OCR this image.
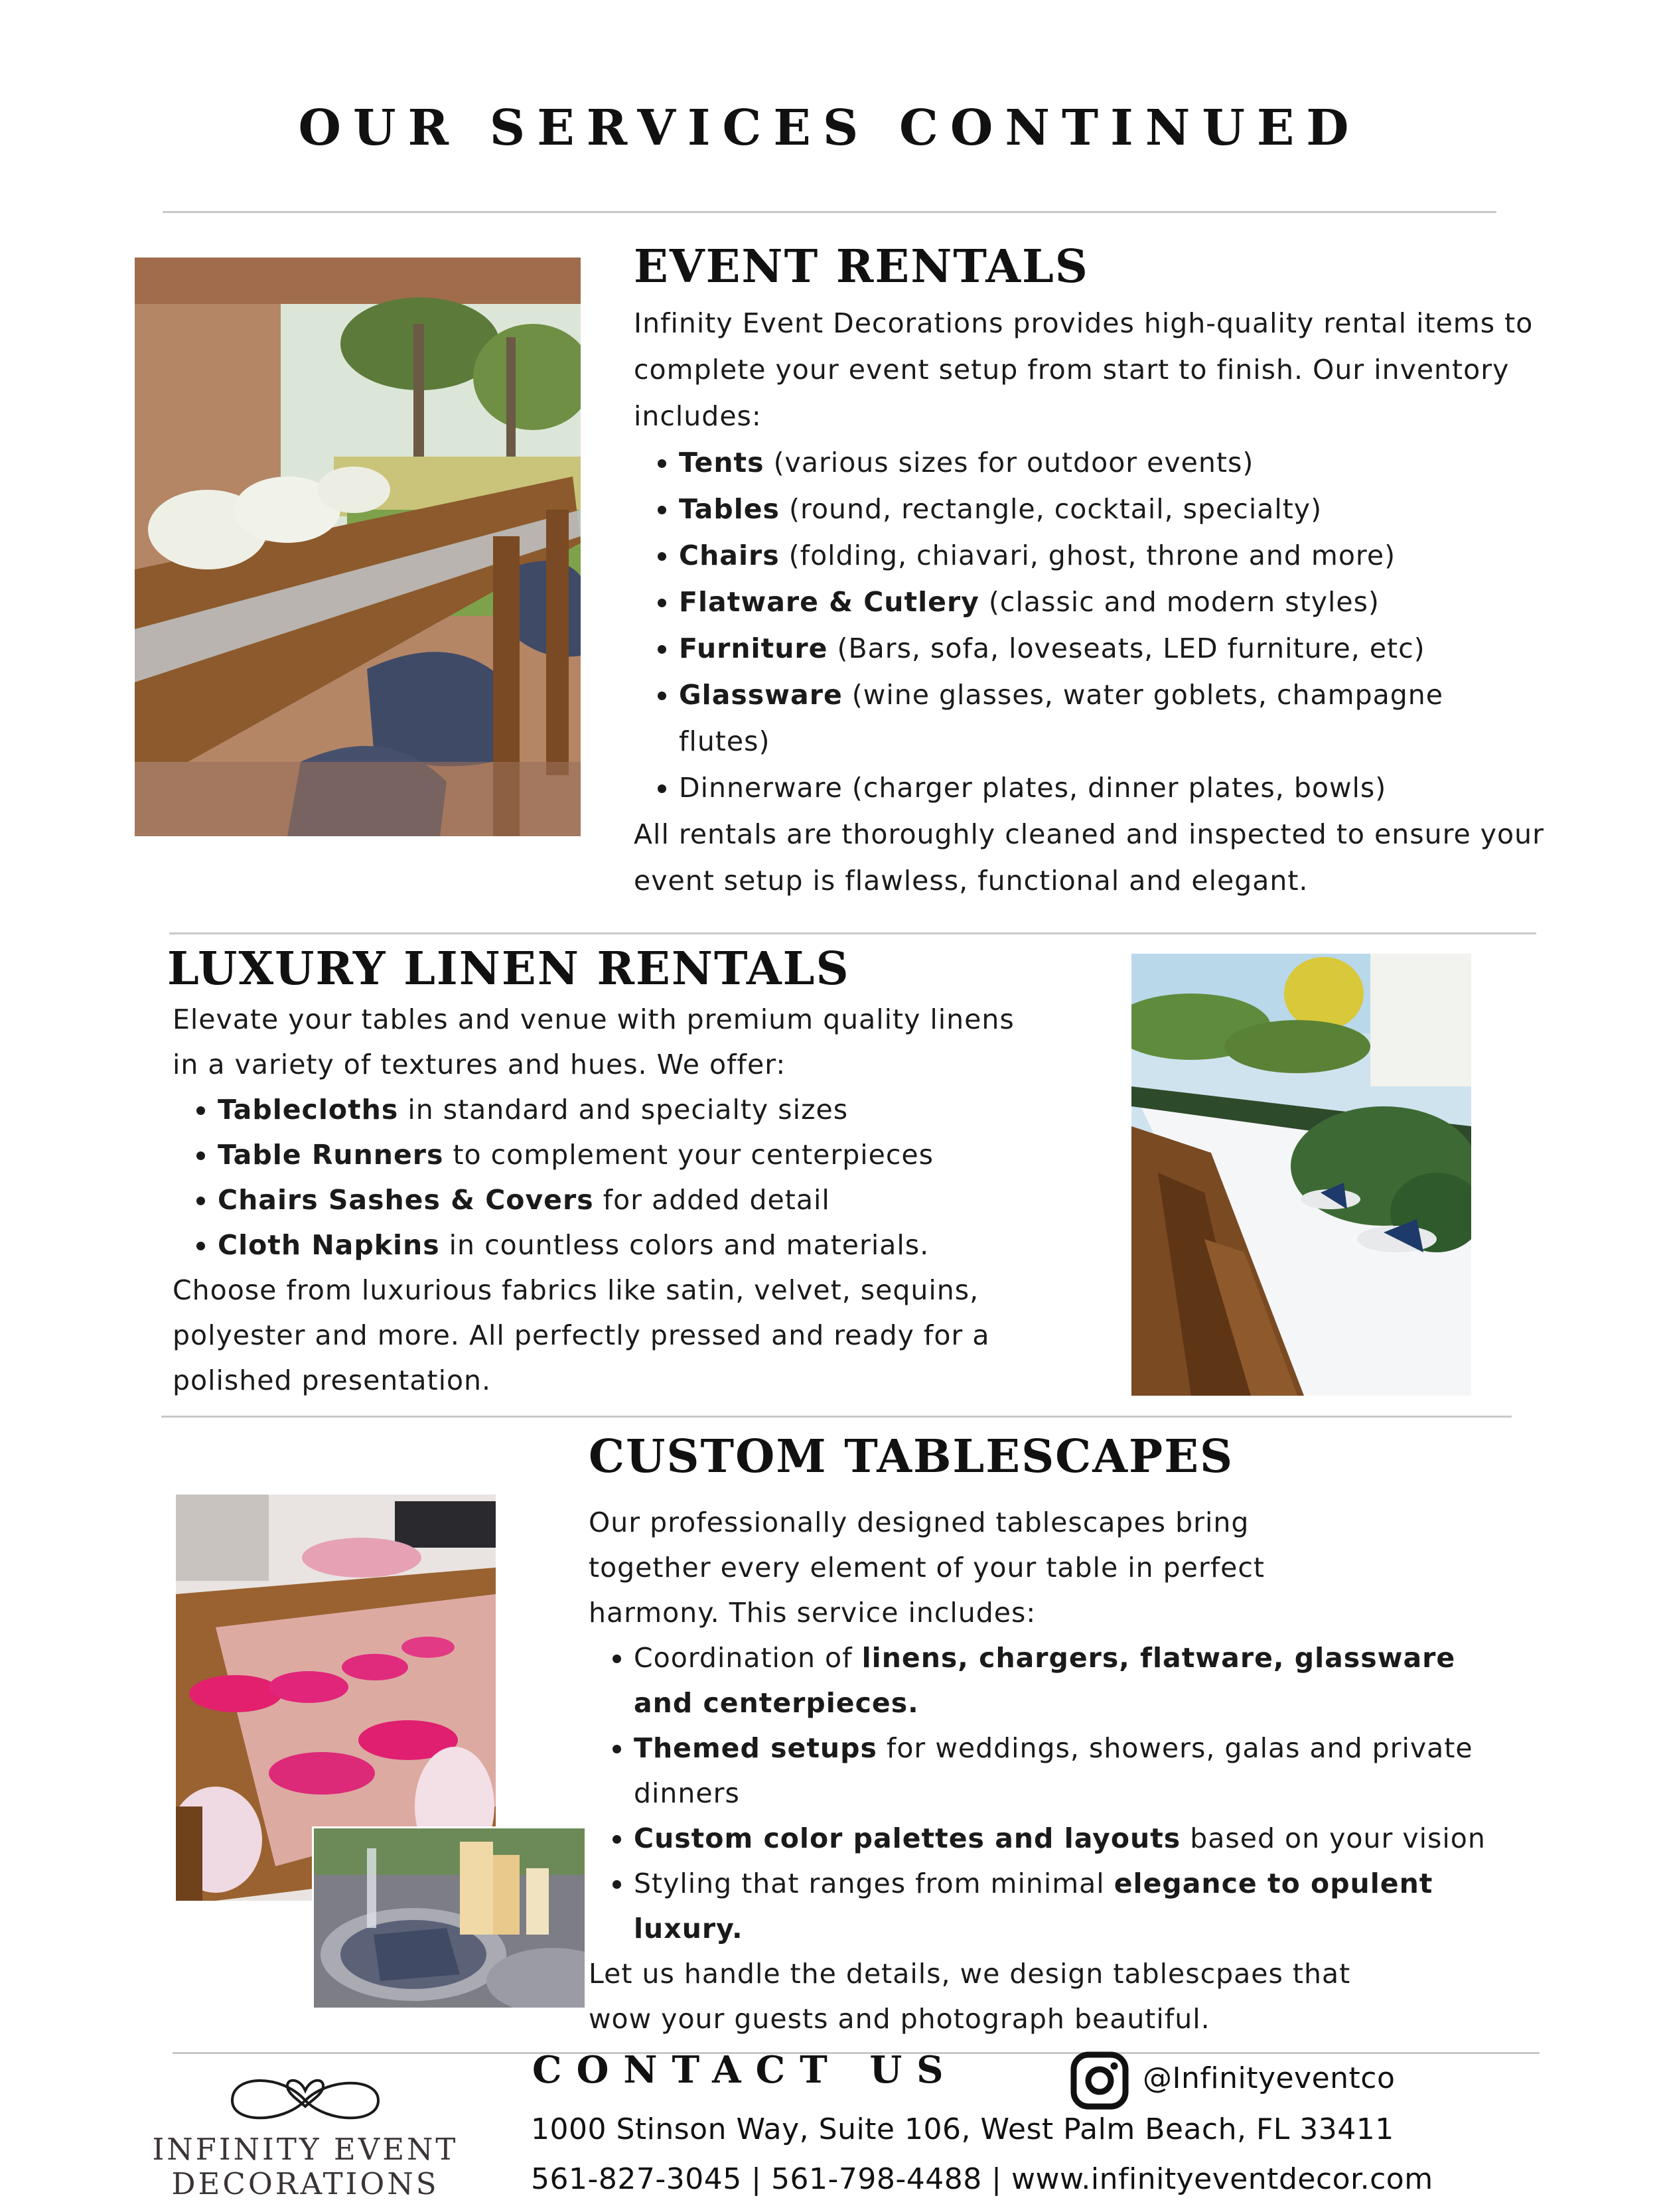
OUR SERVICES CONTINUED
EVENT RENTALS

Infinity Event Decorations provides high-quality rental items to complete your event setup from start to finish. Our inventory includes:

• Tents (various sizes for outdoor events)
• Tables (round, rectangle, cocktail, specialty)
• Chairs (folding, chiavari, ghost, throne and more)
• Flatware & Cutlery (classic and modern styles)
• Furniture (Bars, sofa, loveseats, LED furniture, etc)
• Glassware (wine glasses, water goblets, champagne flutes)
• Dinnerware (charger plates, dinner plates, bowls)

All rentals are thoroughly cleaned and inspected to ensure your event setup is flawless, functional and elegant.

LUXURY LINEN RENTALS

Elevate your tables and venue with premium quality linens in a variety of textures and hues. We offer:

• Tablecloths in standard and specialty sizes
• Table Runners to complement your centerpieces
• Chairs Sashes & Covers for added detail
• Cloth Napkins in countless colors and materials.

Choose from luxurious fabrics like satin, velvet, sequins, polyester and more. All perfectly pressed and ready for a polished presentation.

CUSTOM TABLESCAPES

Our professionally designed tablescapes bring together every element of your table in perfect harmony. This service includes:

• Coordination of linens, chargers, flatware, glassware and centerpieces.
• Themed setups for weddings, showers, galas and private dinners
• Custom color palettes and layouts based on your vision
• Styling that ranges from minimal elegance to opulent luxury.

Let us handle the details, we design tablescpaes that wow your guests and photograph beautiful.

INFINITY EVENT
DECORATIONS
CONTACT US	@Infinityeventco
1000 Stinson Way, Suite 106, West Palm Beach, FL 33411
561-827-3045 | 561-798-4488 | www.infinityeventdecor.com
